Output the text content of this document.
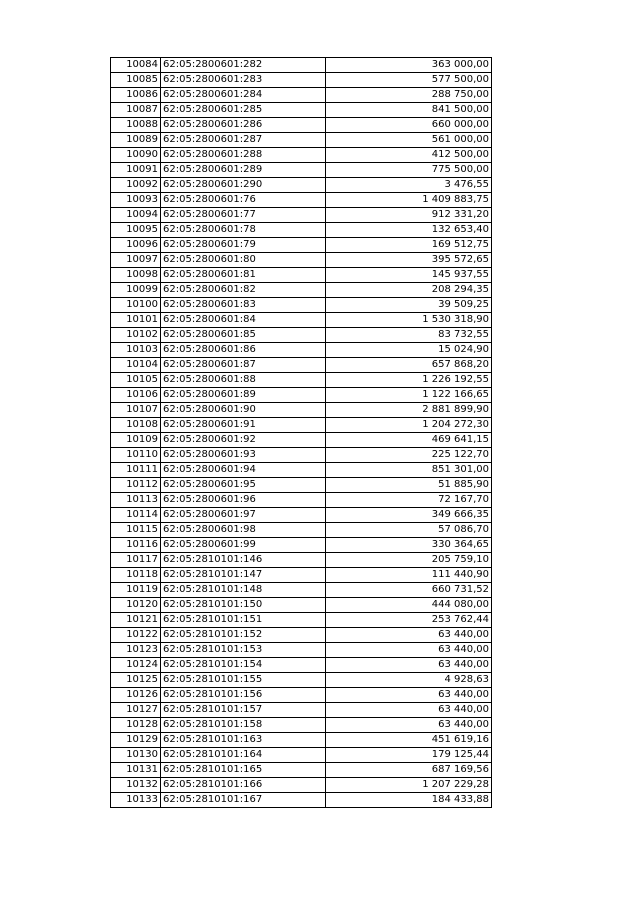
10084	62:05:2800601:282	363 000,00
10085	62:05:2800601:283	577 500,00
10086	62:05:2800601:284	288 750,00
10087	62:05:2800601:285	841 500,00
10088	62:05:2800601:286	660 000,00
10089	62:05:2800601:287	561 000,00
10090	62:05:2800601:288	412 500,00
10091	62:05:2800601:289	775 500,00
10092	62:05:2800601:290	3 476,55
10093	62:05:2800601:76	1 409 883,75
10094	62:05:2800601:77	912 331,20
10095	62:05:2800601:78	132 653,40
10096	62:05:2800601:79	169 512,75
10097	62:05:2800601:80	395 572,65
10098	62:05:2800601:81	145 937,55
10099	62:05:2800601:82	208 294,35
10100	62:05:2800601:83	39 509,25
10101	62:05:2800601:84	1 530 318,90
10102	62:05:2800601:85	83 732,55
10103	62:05:2800601:86	15 024,90
10104	62:05:2800601:87	657 868,20
10105	62:05:2800601:88	1 226 192,55
10106	62:05:2800601:89	1 122 166,65
10107	62:05:2800601:90	2 881 899,90
10108	62:05:2800601:91	1 204 272,30
10109	62:05:2800601:92	469 641,15
10110	62:05:2800601:93	225 122,70
10111	62:05:2800601:94	851 301,00
10112	62:05:2800601:95	51 885,90
10113	62:05:2800601:96	72 167,70
10114	62:05:2800601:97	349 666,35
10115	62:05:2800601:98	57 086,70
10116	62:05:2800601:99	330 364,65
10117	62:05:2810101:146	205 759,10
10118	62:05:2810101:147	111 440,90
10119	62:05:2810101:148	660 731,52
10120	62:05:2810101:150	444 080,00
10121	62:05:2810101:151	253 762,44
10122	62:05:2810101:152	63 440,00
10123	62:05:2810101:153	63 440,00
10124	62:05:2810101:154	63 440,00
10125	62:05:2810101:155	4 928,63
10126	62:05:2810101:156	63 440,00
10127	62:05:2810101:157	63 440,00
10128	62:05:2810101:158	63 440,00
10129	62:05:2810101:163	451 619,16
10130	62:05:2810101:164	179 125,44
10131	62:05:2810101:165	687 169,56
10132	62:05:2810101:166	1 207 229,28
10133	62:05:2810101:167	184 433,88
